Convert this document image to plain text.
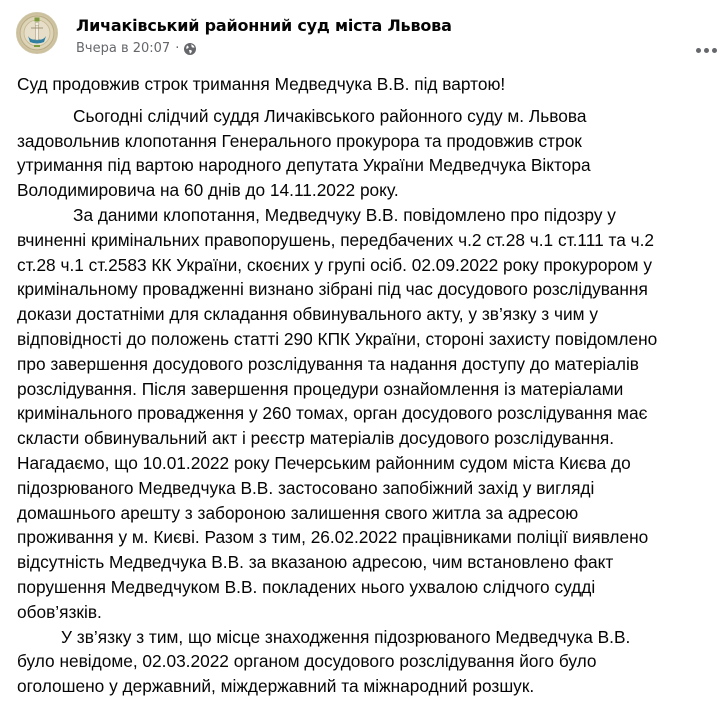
Личаківський районний суд міста Львова
Вчера в 20:07 ·
Суд продовжив строк тримання Медведчука В.В. під вартою!
Сьогодні слідчий суддя Личаківського районного суду м. Львова
задовольнив клопотання Генерального прокурора та продовжив строк
утримання під вартою народного депутата України Медведчука Віктора
Володимировича на 60 днів до 14.11.2022 року.
За даними клопотання, Медведчуку В.В. повідомлено про підозру у
вчиненні кримінальних правопорушень, передбачених ч.2 ст.28 ч.1 ст.111 та ч.2
ст.28 ч.1 ст.2583 КК України, скоєних у групі осіб. 02.09.2022 року прокурором у
кримінальному провадженні визнано зібрані під час досудового розслідування
докази достатніми для складання обвинувального акту, у зв’язку з чим у
відповідності до положень статті 290 КПК України, стороні захисту повідомлено
про завершення досудового розслідування та надання доступу до матеріалів
розслідування. Після завершення процедури ознайомлення із матеріалами
кримінального провадження у 260 томах, орган досудового розслідування має
скласти обвинувальний акт і реєстр матеріалів досудового розслідування.
Нагадаємо, що 10.01.2022 року Печерським районним судом міста Києва до
підозрюваного Медведчука В.В. застосовано запобіжний захід у вигляді
домашнього арешту з забороною залишення свого житла за адресою
проживання у м. Києві. Разом з тим, 26.02.2022 працівниками поліції виявлено
відсутність Медведчука В.В. за вказаною адресою, чим встановлено факт
порушення Медведчуком В.В. покладених нього ухвалою слідчого судді
обов’язків.
У зв’язку з тим, що місце знаходження підозрюваного Медведчука В.В.
було невідоме, 02.03.2022 органом досудового розслідування його було
оголошено у державний, міждержавний та міжнародний розшук.
